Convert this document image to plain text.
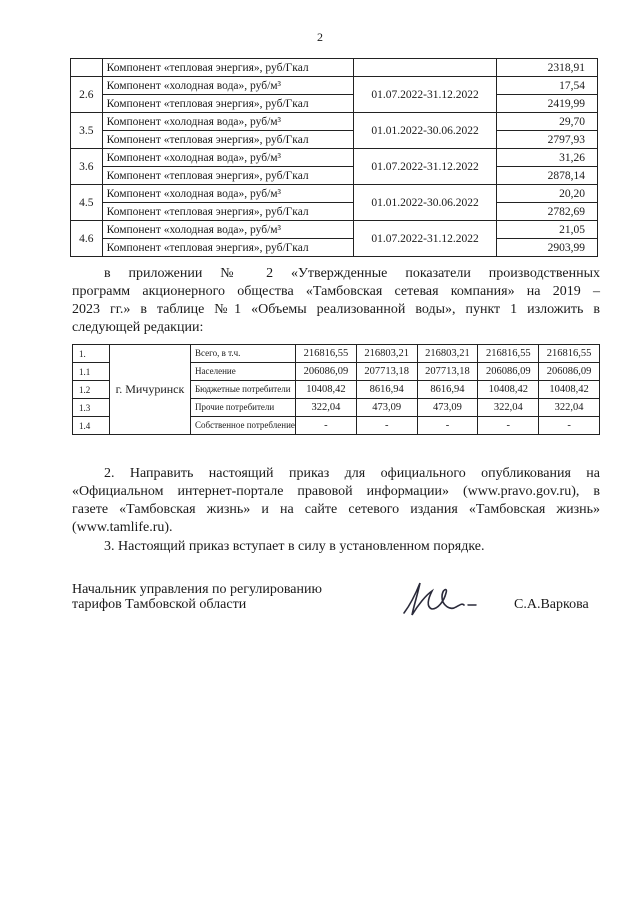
2
	Компонент «тепловая энергия», руб/Гкал		2318,91
2.6	Компонент «холодная вода», руб/м³	01.07.2022-31.12.2022	17,54
	Компонент «тепловая энергия», руб/Гкал		2419,99
3.5	Компонент «холодная вода», руб/м³	01.01.2022-30.06.2022	29,70
	Компонент «тепловая энергия», руб/Гкал		2797,93
3.6	Компонент «холодная вода», руб/м³	01.07.2022-31.12.2022	31,26
	Компонент «тепловая энергия», руб/Гкал		2878,14
4.5	Компонент «холодная вода», руб/м³	01.01.2022-30.06.2022	20,20
	Компонент «тепловая энергия», руб/Гкал		2782,69
4.6	Компонент «холодная вода», руб/м³	01.07.2022-31.12.2022	21,05
	Компонент «тепловая энергия», руб/Гкал		2903,99
в приложении № 2 «Утвержденные показатели производственных
программ акционерного общества «Тамбовская сетевая компания» на 2019 –
2023 гг.» в таблице №1 «Объемы реализованной воды», пункт 1 изложить в
следующей редакции:
1.	г. Мичуринск	Всего, в т.ч.	216816,55	216803,21	216803,21	216816,55	216816,55
1.1		Население	206086,09	207713,18	207713,18	206086,09	206086,09
1.2		Бюджетные потребители	10408,42	8616,94	8616,94	10408,42	10408,42
1.3		Прочие потребители	322,04	473,09	473,09	322,04	322,04
1.4		Собственное потребление	-	-	-	-	-
2. Направить настоящий приказ для официального опубликования на
«Официальном интернет-портале правовой информации» (www.pravo.gov.ru), в
газете «Тамбовская жизнь» и на сайте сетевого издания «Тамбовская жизнь»
(www.tamlife.ru).
3. Настоящий приказ вступает в силу в установленном порядке.
Начальник управления по регулированию
тарифов Тамбовской области	С.А.Варкова
